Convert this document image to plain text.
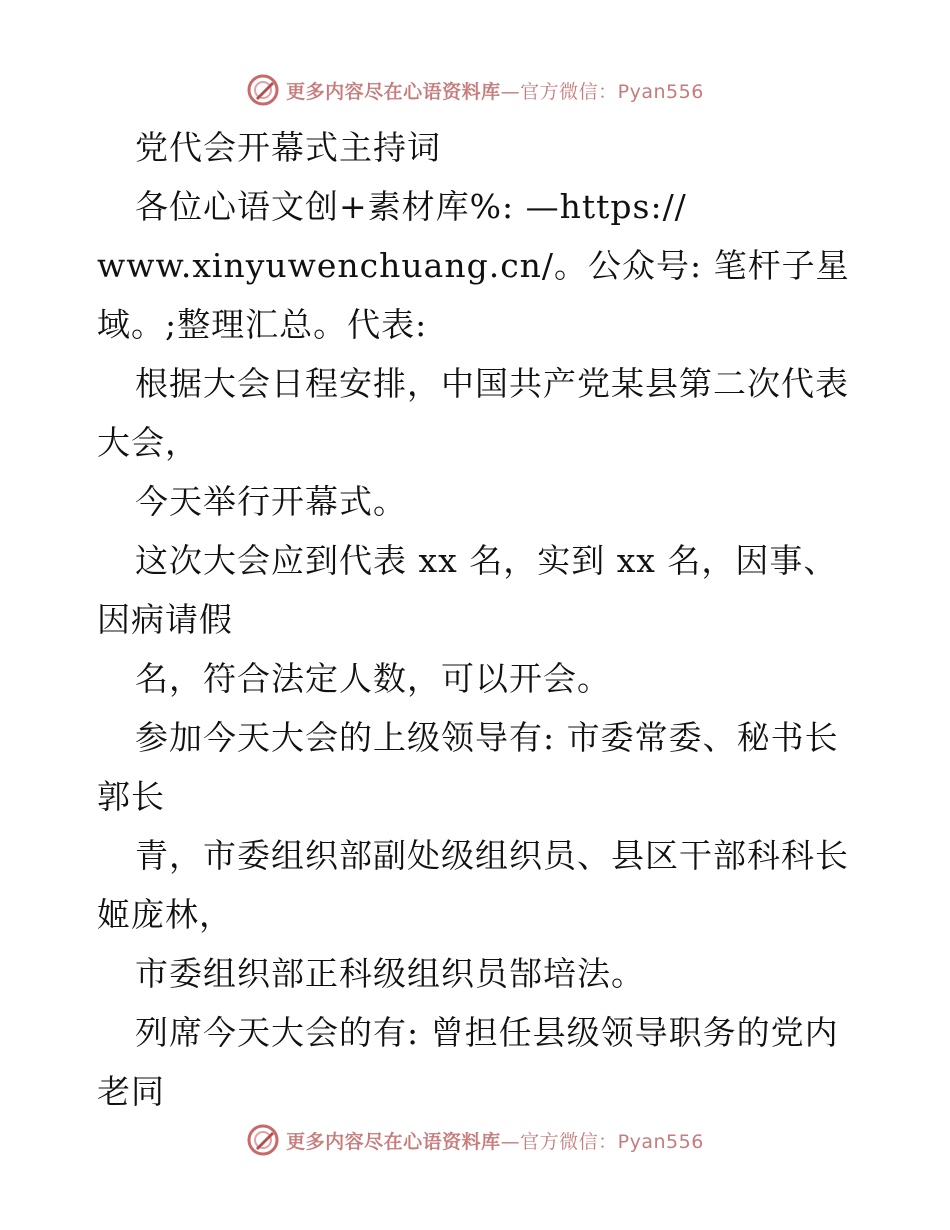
更多内容尽在心语资料库—官方微信：Pyan556
党代会开幕式主持词
各位心语文创+素材库%: —https://
www.xinyuwenchuang.cn/。公众号: 笔杆子星
域。;整理汇总。代表:
根据大会日程安排，中国共产党某县第二次代表
大会，
今天举行开幕式。
这次大会应到代表 xx 名，实到 xx 名，因事、
因病请假
名，符合法定人数，可以开会。
参加今天大会的上级领导有: 市委常委、秘书长
郭长
青，市委组织部副处级组织员、县区干部科科长
姬庞林，
市委组织部正科级组织员郜培法。
列席今天大会的有: 曾担任县级领导职务的党内
老同
更多内容尽在心语资料库—官方微信：Pyan556
